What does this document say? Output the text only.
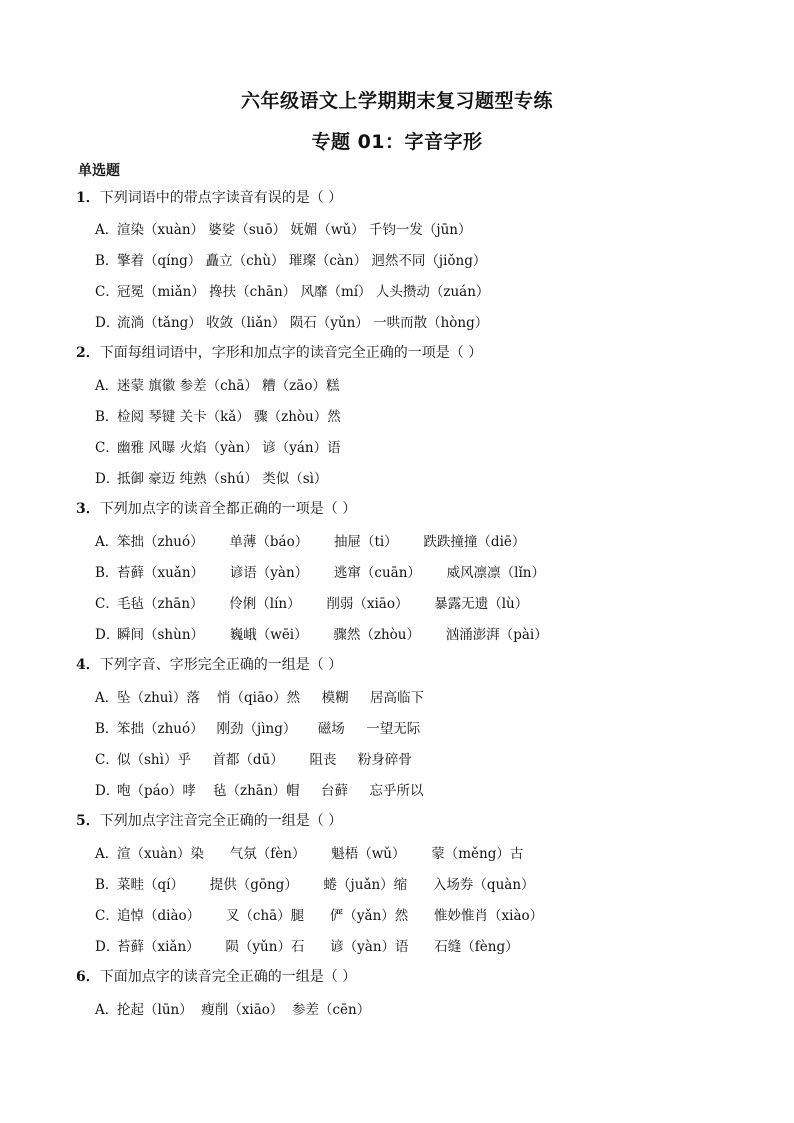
六年级语文上学期期末复习题型专练
专题 01：字音字形
单选题
1．下列词语中的带点字读音有误的是（ ）
A．渲染（xuàn） 婆娑（suō） 妩媚（wǔ） 千钧一发（jūn）
B．擎着（qíng） 矗立（chù） 璀璨（càn） 迥然不同（jiǒng）
C．冠冕（miǎn） 搀扶（chān） 风靡（mí） 人头攒动（zuán）
D．流淌（tǎng） 收敛（liǎn） 陨石（yǔn） 一哄而散（hòng）
2．下面每组词语中，字形和加点字的读音完全正确的一项是（ ）
A．迷蒙 旗徽 参差（chā） 糟（zāo）糕
B．检阅 琴键 关卡（kǎ） 骤（zhòu）然
C．幽雅 风曝 火焰（yàn） 谚（yán）语
D．抵御 豪迈 纯熟（shú） 类似（sì）
3．下列加点字的读音全都正确的一项是（ ）
A．笨拙（zhuó）      单薄（báo）      抽屉（ti）      跌跌撞撞（diē）
B．苔藓（xuǎn）      谚语（yàn）      逃窜（cuān）      威风凛凛（lǐn）
C．毛毡（zhān）      伶俐（lín）      削弱（xiāo）      暴露无遗（lù）
D．瞬间（shùn）      巍峨（wēi）      骤然（zhòu）      汹涌澎湃（pài）
4．下列字音、字形完全正确的一组是（ ）
A．坠（zhuì）落    悄（qiāo）然     模糊     居高临下
B．笨拙（zhuó）   刚劲（jìng）     磁场     一望无际
C．似（shì）乎     首都（dū）      阻丧     粉身碎骨
D．咆（páo）哮    毡（zhān）帽     台藓     忘乎所以
5．下列加点字注音完全正确的一组是（ ）
A．渲（xuàn）染      气氛（fèn）      魁梧（wǔ）      蒙（měng）古
B．菜畦（qí）      提供（gōng）      蜷（juǎn）缩      入场券（quàn）
C．追悼（diào）      叉（chā）腿      俨（yǎn）然      惟妙惟肖（xiào）
D．苔藓（xiǎn）      陨（yǔn）石      谚（yàn）语      石缝（fèng）
6．下面加点字的读音完全正确的一组是（ ）
A．抡起（lūn）  瘦削（xiāo）  参差（cēn）
